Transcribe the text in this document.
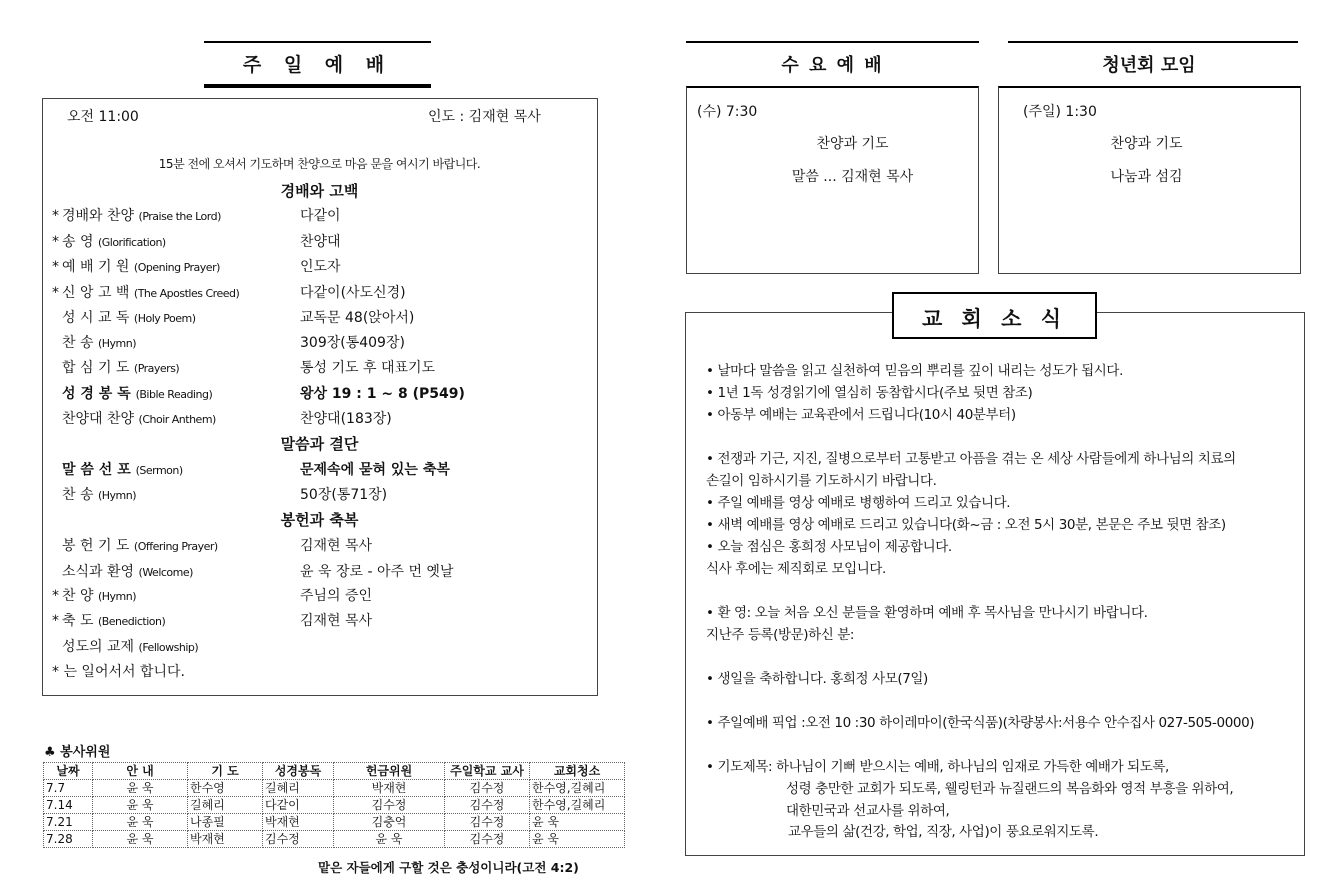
주 일 예 배
오전 11:00	인도 : 김재현 목사
15분 전에 오셔서 기도하며 찬양으로 마음 문을 여시기 바랍니다.
경배와 고백
* 경배와 찬양 (Praise the Lord)	다같이
* 송 영 (Glorification)	찬양대
* 예 배 기 원 (Opening Prayer)	인도자
* 신 앙 고 백 (The Apostles Creed)	다같이(사도신경)
성 시 교 독 (Holy Poem)	교독문 48(앉아서)
찬 송 (Hymn)	309장(통409장)
합 심 기 도 (Prayers)	통성 기도 후 대표기도
성 경 봉 독 (Bible Reading)	왕상 19 : 1 ~ 8 (P549)
찬양대 찬양 (Choir Anthem)	찬양대(183장)
말씀과 결단
말 씀 선 포 (Sermon)	문제속에 묻혀 있는 축복
찬 송 (Hymn)	50장(통71장)
봉헌과 축복
봉 헌 기 도 (Offering Prayer)	김재현 목사
소식과 환영 (Welcome)	윤 욱 장로 - 아주 먼 옛날
* 찬 양 (Hymn)	주님의 증인
* 축 도 (Benediction)	김재현 목사
성도의 교제 (Fellowship)
* 는 일어서서 합니다.
♣ 봉사위원
날짜	안 내	기 도	성경봉독	헌금위원	주일학교 교사	교회청소
7.7	윤 욱	한수영	길혜리	박재현	김수정	한수영,길혜리
7.14	윤 욱	길혜리	다같이	김수정	김수정	한수영,길혜리
7.21	윤 욱	나종필	박재현	김충억	김수정	윤 욱
7.28	윤 욱	박재현	김수정	윤 욱	김수정	윤 욱
맡은 자들에게 구할 것은 충성이니라(고전 4:2)
수 요 예 배
(수) 7:30
찬양과 기도
말씀 ... 김재현 목사
청년회 모임
(주일) 1:30
찬양과 기도
나눔과 섬김
교 회 소 식
• 날마다 말씀을 읽고 실천하여 믿음의 뿌리를 깊이 내리는 성도가 됩시다.
• 1년 1독 성경읽기에 열심히 동참합시다(주보 뒷면 참조)
• 아동부 예배는 교육관에서 드립니다(10시 40분부터)
• 전쟁과 기근, 지진, 질병으로부터 고통받고 아픔을 겪는 온 세상 사람들에게 하나님의 치료의
손길이 임하시기를 기도하시기 바랍니다.
• 주일 예배를 영상 예배로 병행하여 드리고 있습니다.
• 새벽 예배를 영상 예배로 드리고 있습니다(화~금 : 오전 5시 30분, 본문은 주보 뒷면 참조)
• 오늘 점심은 홍희정 사모님이 제공합니다.
식사 후에는 제직회로 모입니다.
• 환 영: 오늘 처음 오신 분들을 환영하며 예배 후 목사님을 만나시기 바랍니다.
지난주 등록(방문)하신 분:
• 생일을 축하합니다. 홍희정 사모(7일)
• 주일예배 픽업 :오전 10 :30 하이레마이(한국식품)(차량봉사:서용수 안수집사 027-505-0000)
• 기도제목: 하나님이 기뻐 받으시는 예배, 하나님의 임재로 가득한 예배가 되도록,
성령 충만한 교회가 되도록, 웰링턴과 뉴질랜드의 복음화와 영적 부흥을 위하여,
대한민국과 선교사를 위하여,
교우들의 삶(건강, 학업, 직장, 사업)이 풍요로워지도록.
